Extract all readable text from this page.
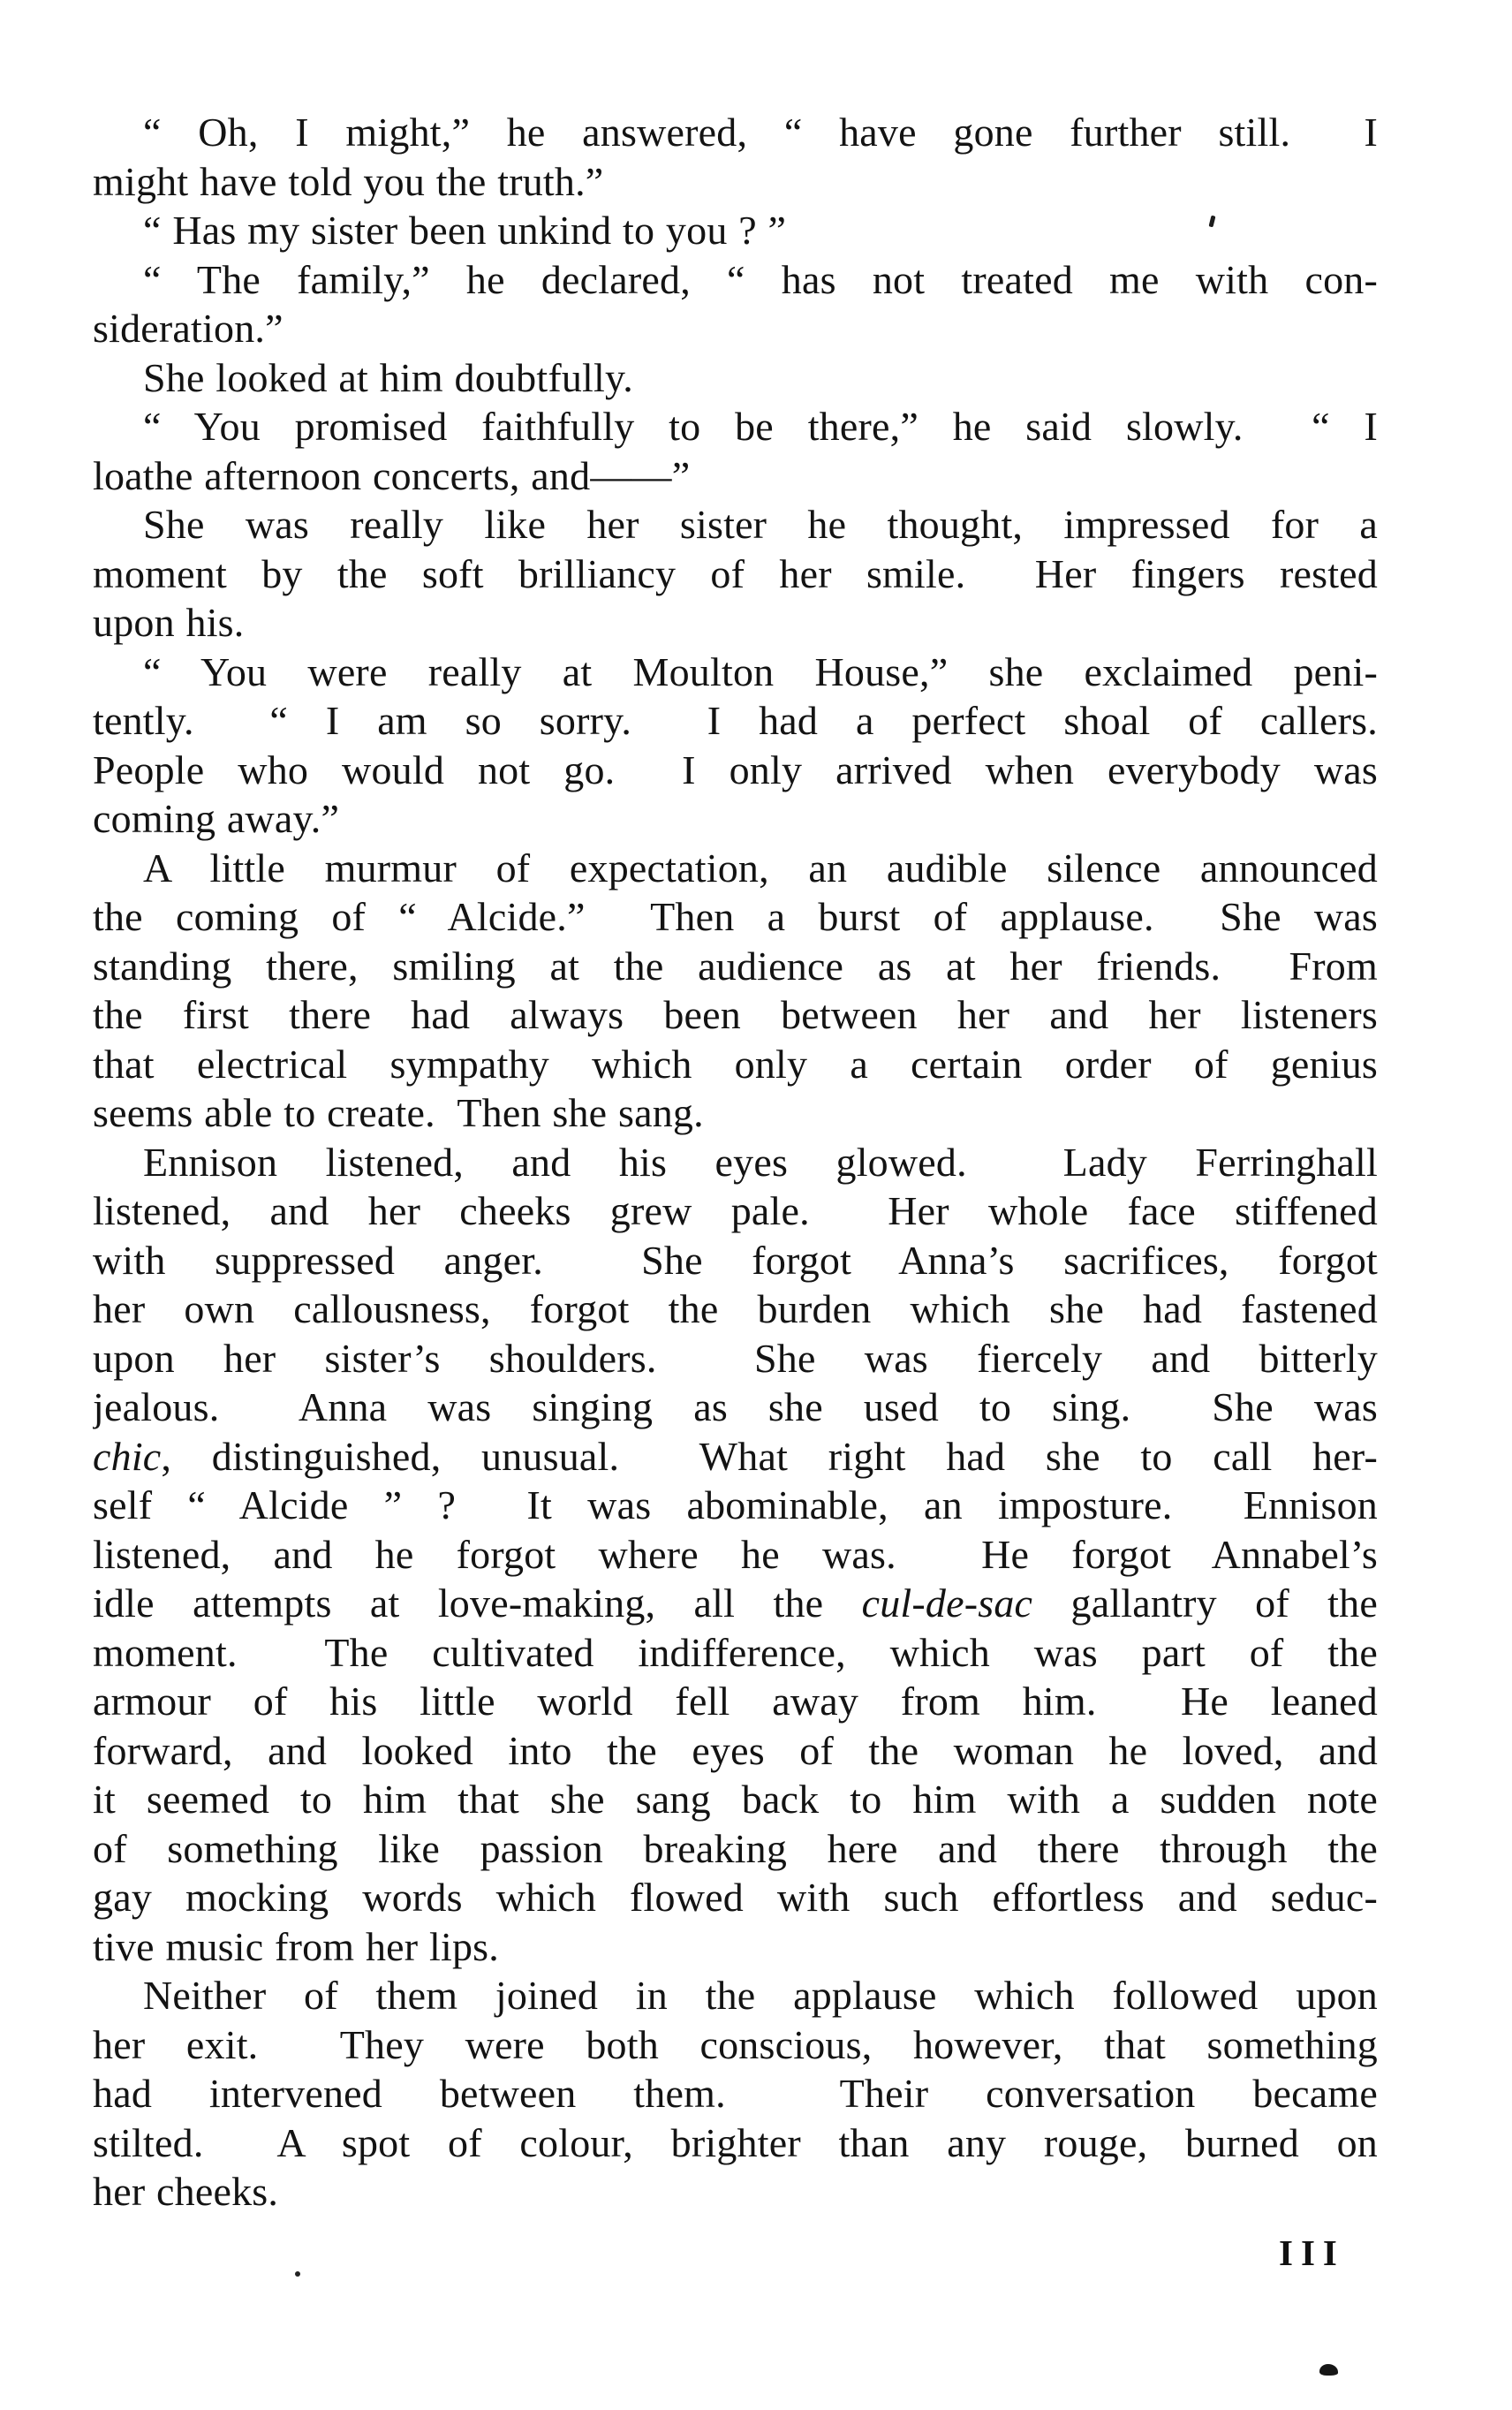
“ Oh, I might,” he answered, “ have gone further still.  I
might have told you the truth.”
“ Has my sister been unkind to you ? ”
“ The family,” he declared, “ has not treated me with con-
sideration.”
She looked at him doubtfully.
“ You promised faithfully to be there,” he said slowly.  “ I
loathe afternoon concerts, and——”
She was really like her sister he thought, impressed for a
moment by the soft brilliancy of her smile.  Her fingers rested
upon his.
“ You were really at Moulton House,” she exclaimed peni-
tently.  “ I am so sorry.  I had a perfect shoal of callers.
People who would not go.  I only arrived when everybody was
coming away.”
A little murmur of expectation, an audible silence announced
the coming of “ Alcide.”  Then a burst of applause.  She was
standing there, smiling at the audience as at her friends.  From
the first there had always been between her and her listeners
that electrical sympathy which only a certain order of genius
seems able to create.  Then she sang.
Ennison listened, and his eyes glowed.  Lady Ferringhall
listened, and her cheeks grew pale.  Her whole face stiffened
with suppressed anger.  She forgot Anna’s sacrifices, forgot
her own callousness, forgot the burden which she had fastened
upon her sister’s shoulders.  She was fiercely and bitterly
jealous.  Anna was singing as she used to sing.  She was
chic, distinguished, unusual.  What right had she to call her-
self “ Alcide ” ?  It was abominable, an imposture.  Ennison
listened, and he forgot where he was.  He forgot Annabel’s
idle attempts at love-making, all the cul-de-sac gallantry of the
moment.  The cultivated indifference, which was part of the
armour of his little world fell away from him.  He leaned
forward, and looked into the eyes of the woman he loved, and
it seemed to him that she sang back to him with a sudden note
of something like passion breaking here and there through the
gay mocking words which flowed with such effortless and seduc-
tive music from her lips.
Neither of them joined in the applause which followed upon
her exit.  They were both conscious, however, that something
had intervened between them.  Their conversation became
stilted.  A spot of colour, brighter than any rouge, burned on
her cheeks.
III
